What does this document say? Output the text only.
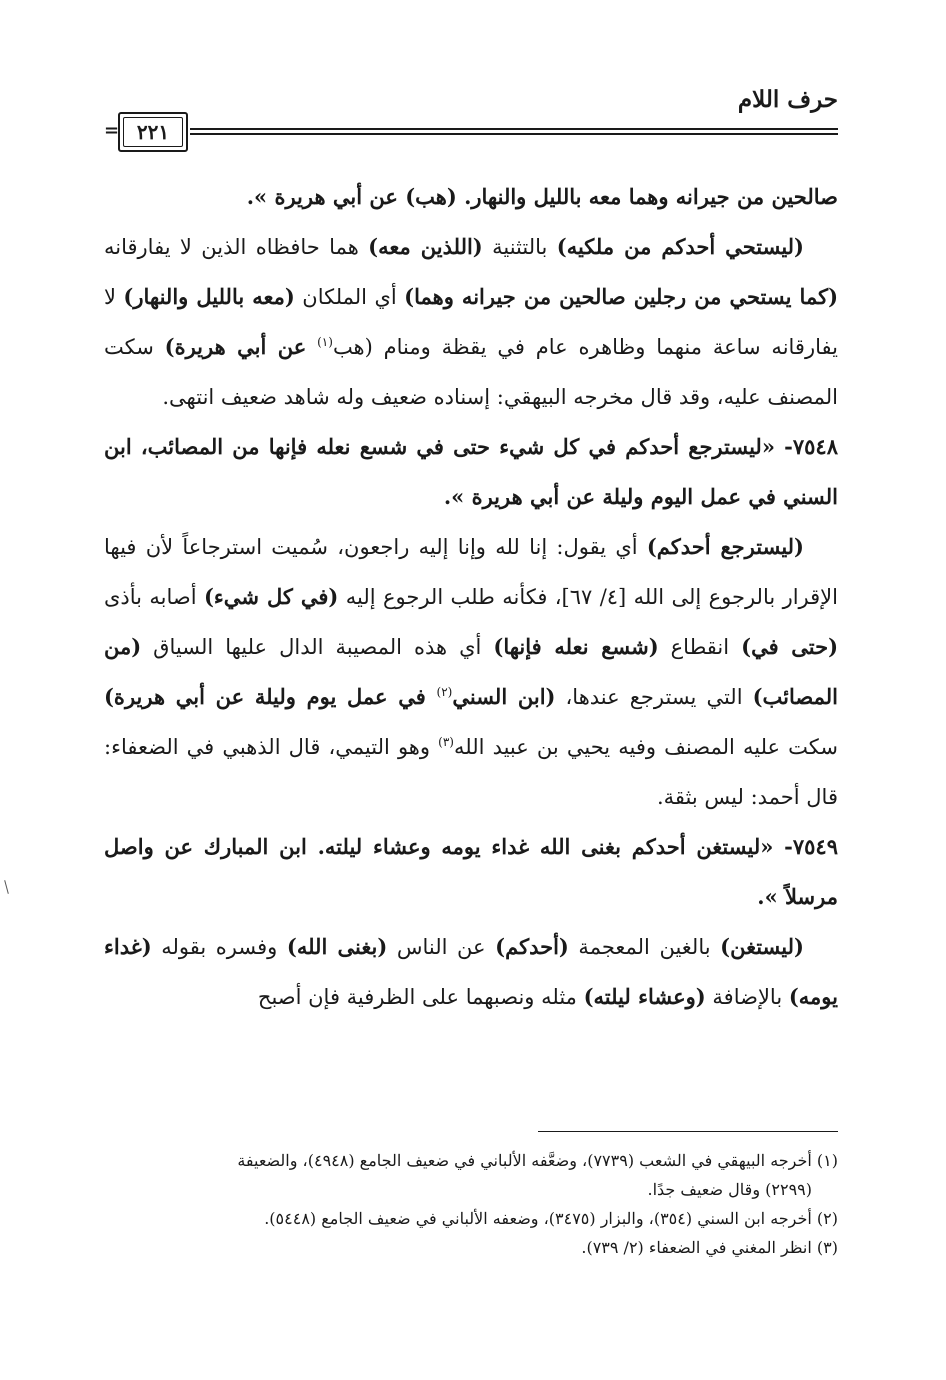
حرف اللام
= ٢٢١

صالحين من جيرانه وهما معه بالليل والنهار. (هب) عن أبي هريرة ».

(ليستحي أحدكم من ملكيه) بالتثنية (اللذين معه) هما حافظاه الذين لا يفارقانه (كما يستحي من رجلين صالحين من جيرانه وهما) أي الملكان (معه بالليل والنهار) لا يفارقانه ساعة منهما وظاهره عام في يقظة ومنام (هب$^{(١)}$ عن أبي هريرة) سكت المصنف عليه، وقد قال مخرجه البيهقي: إسناده ضعيف وله شاهد ضعيف انتهى.

٧٥٤٨- «ليسترجع أحدكم في كل شيء حتى في شسع نعله فإنها من المصائب، ابن السني في عمل اليوم وليلة عن أبي هريرة ».

(ليسترجع أحدكم) أي يقول: إنا لله وإنا إليه راجعون، سُميت استرجاعاً لأن فيها الإقرار بالرجوع إلى الله [٤/ ٦٧]، فكأنه طلب الرجوع إليه (في كل شيء) أصابه بأذى (حتى في) انقطاع (شسع نعله فإنها) أي هذه المصيبة الدال عليها السياق (من المصائب) التي يسترجع عندها، (ابن السني$^{(٢)}$ في عمل يوم وليلة عن أبي هريرة) سكت عليه المصنف وفيه يحيي بن عبيد الله$^{(٣)}$ وهو التيمي، قال الذهبي في الضعفاء: قال أحمد: ليس بثقة.

٧٥٤٩- «ليستغن أحدكم بغنى الله غداء يومه وعشاء ليلته. ابن المبارك عن واصل مرسلاً ».

(ليستغن) بالغين المعجمة (أحدكم) عن الناس (بغنى الله) وفسره بقوله (غداء يومه) بالإضافة (وعشاء ليلته) مثله ونصبهما على الظرفية فإن أصبح

(١) أخرجه البيهقي في الشعب (٧٧٣٩)، وضعَّفه الألباني في ضعيف الجامع (٤٩٤٨)، والضعيفة

(٢٢٩٩) وقال ضعيف جدًا.

(٢) أخرجه ابن السني (٣٥٤)، والبزار (٣٤٧٥)، وضعفه الألباني في ضعيف الجامع (٥٤٤٨).

(٣) انظر المغني في الضعفاء (٢/ ٧٣٩).
